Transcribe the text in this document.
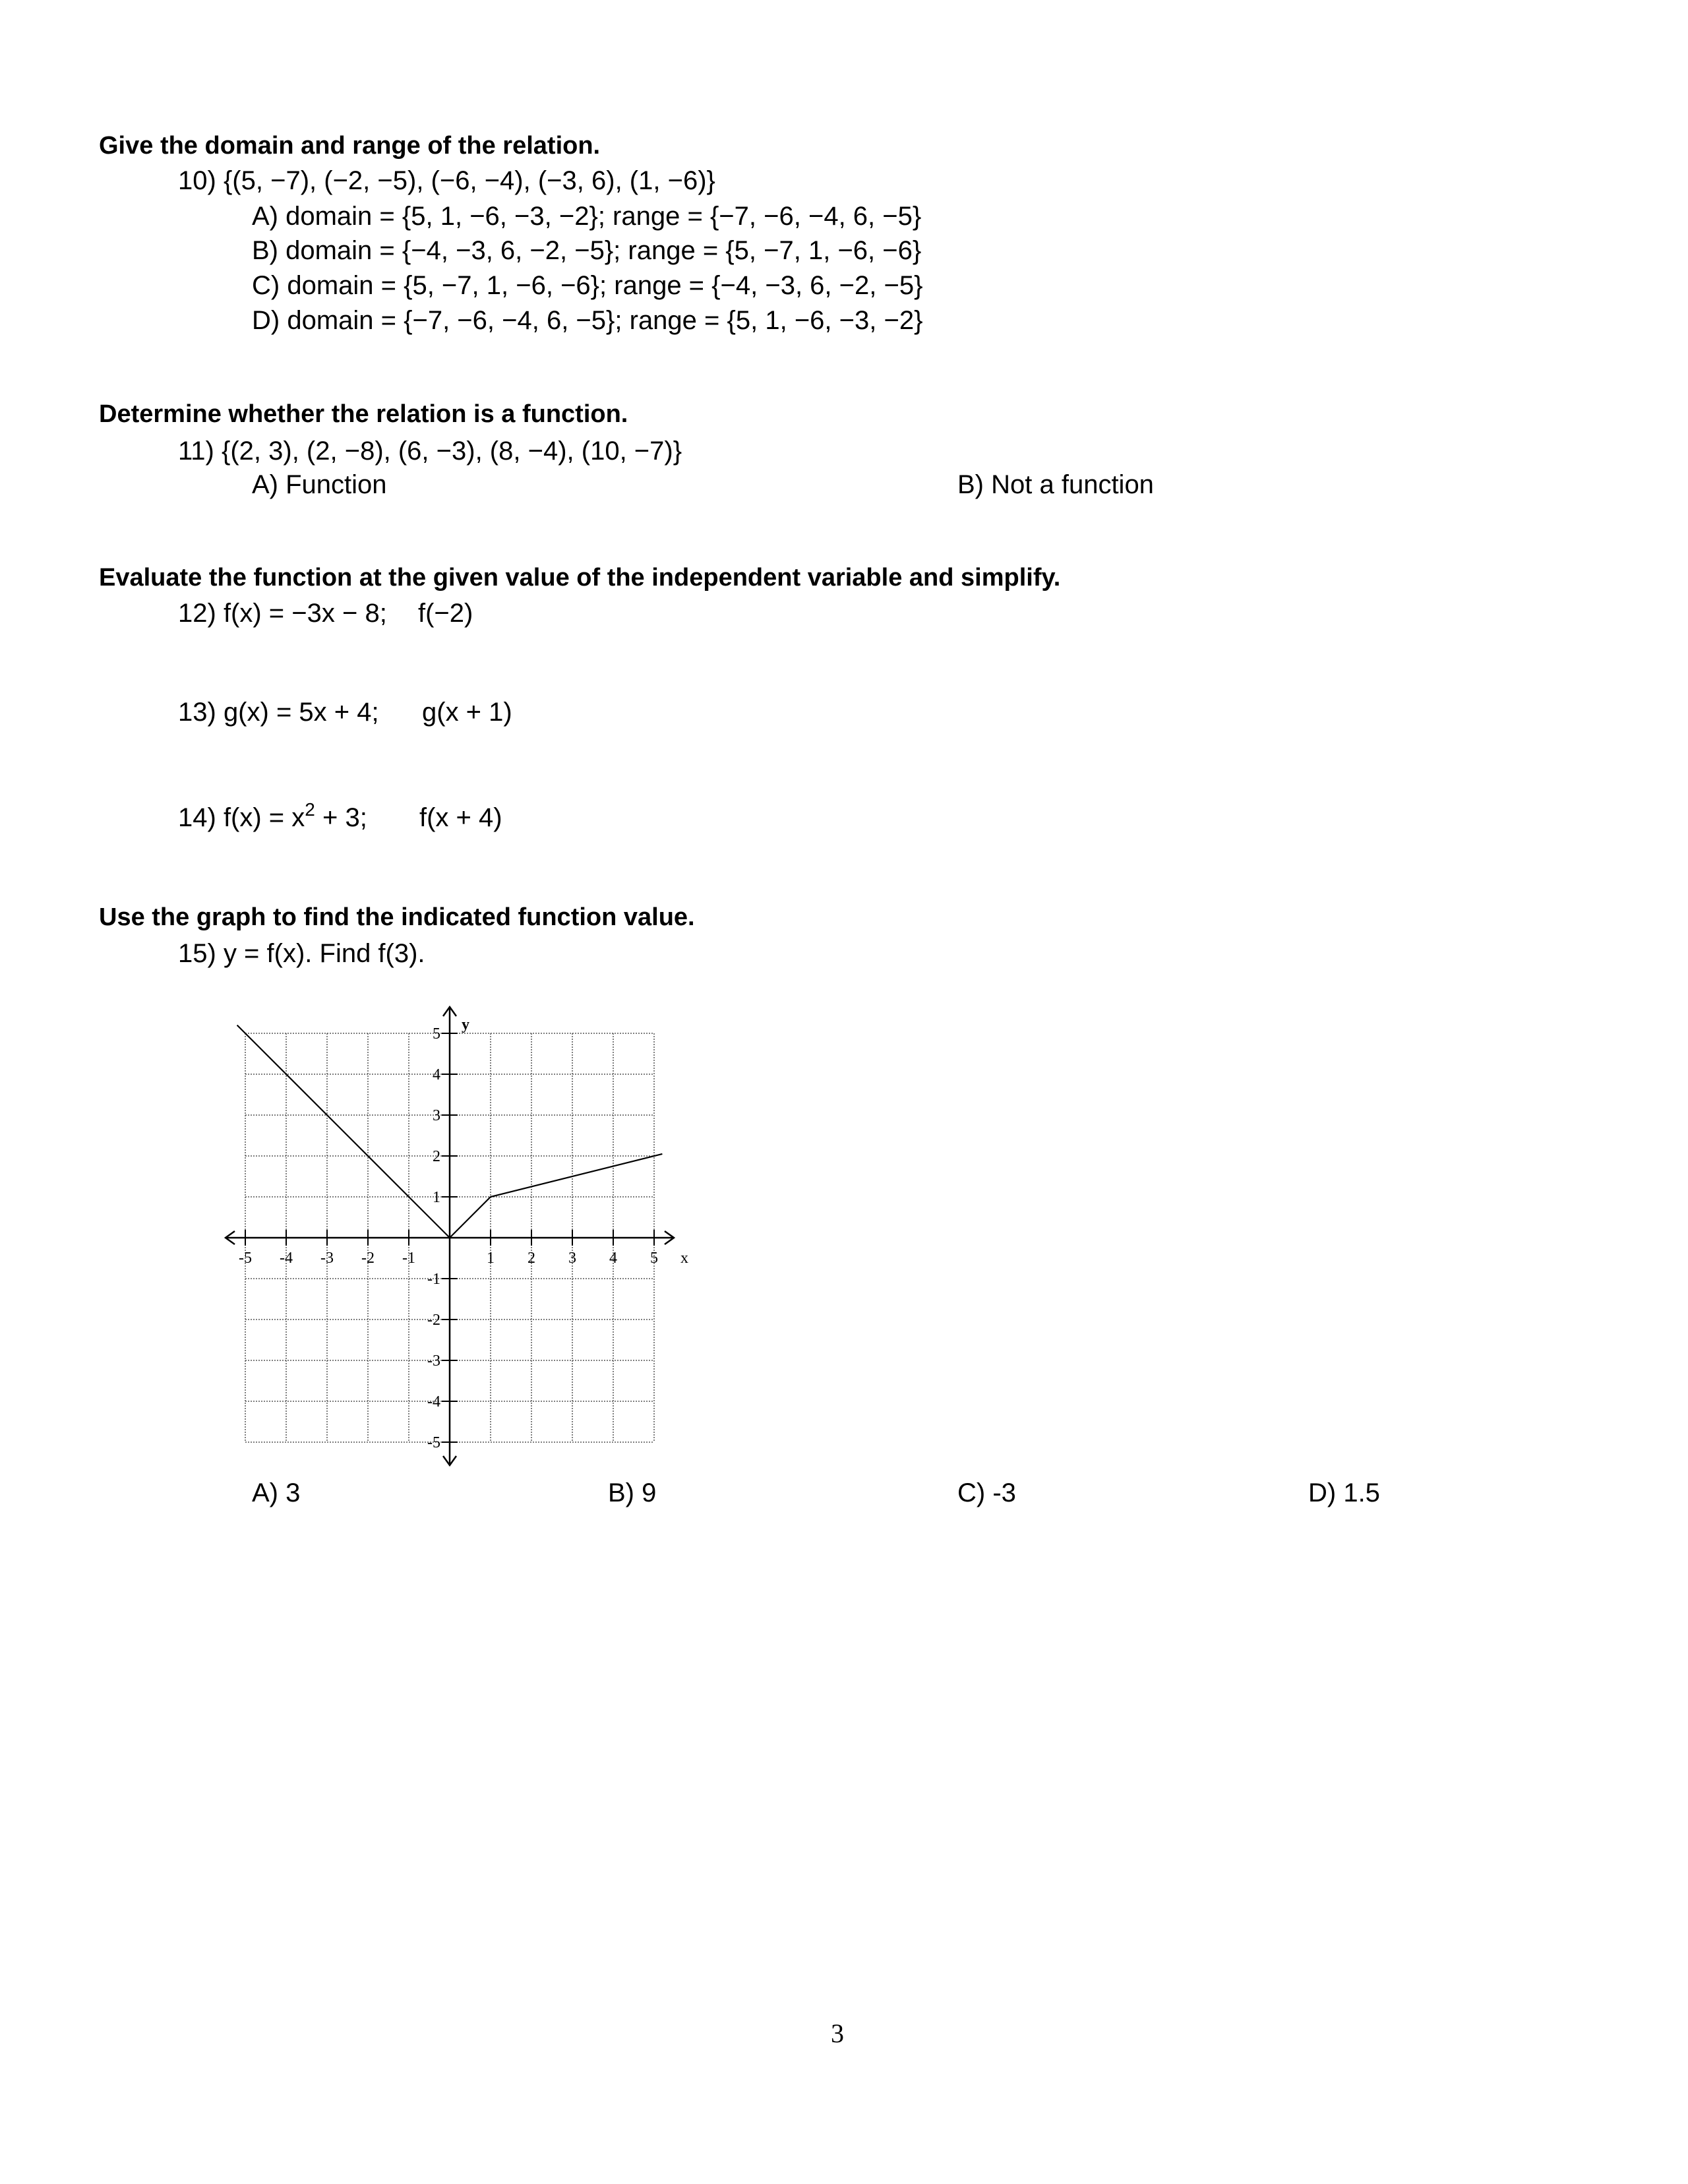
Give the domain and range of the relation.
10) {(5, −7), (−2, −5), (−6, −4), (−3, 6), (1, −6)}
A) domain = {5, 1, −6, −3, −2}; range = {−7, −6, −4, 6, −5}
B) domain = {−4, −3, 6, −2, −5}; range = {5, −7, 1, −6, −6}
C) domain = {5, −7, 1, −6, −6}; range = {−4, −3, 6, −2, −5}
D) domain = {−7, −6, −4, 6, −5}; range = {5, 1, −6, −3, −2}
Determine whether the relation is a function.
11) {(2, 3), (2, −8), (6, −3), (8, −4), (10, −7)}
A) Function	B) Not a function
Evaluate the function at the given value of the independent variable and simplify.
12) f(x) = −3x − 8; f(−2)
13) g(x) = 5x + 4; g(x + 1)
14) $f(x) = x^2 + 3$; f(x + 4)
Use the graph to find the indicated function value.
15) y = f(x). Find f(3).
-5 -4 -3 -2 -1	1 2 3 4 5
5
4
3
2
1
-1
-2
-3
-4
-5
x
y
A) 3	B) 9	C) -3	D) 1.5
3
